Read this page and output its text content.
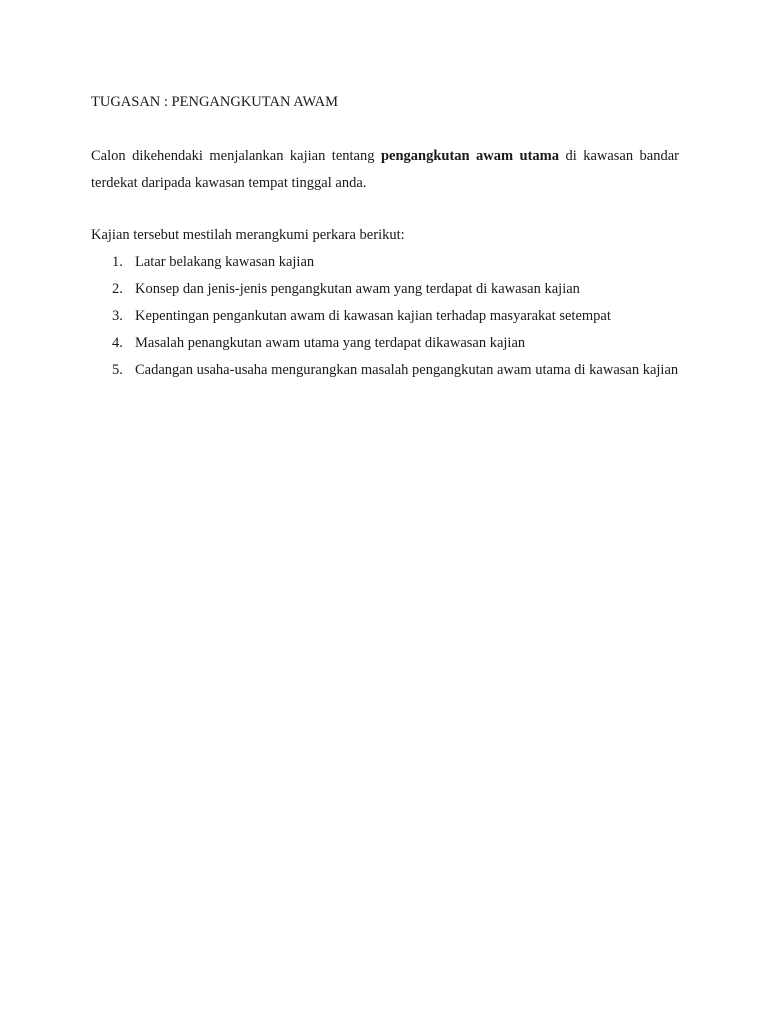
TUGASAN : PENGANGKUTAN AWAM
Calon dikehendaki menjalankan kajian tentang pengangkutan awam utama di kawasan bandar terdekat daripada kawasan tempat tinggal anda.
Kajian tersebut mestilah merangkumi perkara berikut:
1. Latar belakang kawasan kajian
2. Konsep dan jenis-jenis pengangkutan awam yang terdapat di kawasan kajian
3. Kepentingan pengankutan awam di kawasan kajian terhadap masyarakat setempat
4. Masalah penangkutan awam utama yang terdapat dikawasan kajian
5. Cadangan usaha-usaha mengurangkan masalah pengangkutan awam utama di kawasan kajian
